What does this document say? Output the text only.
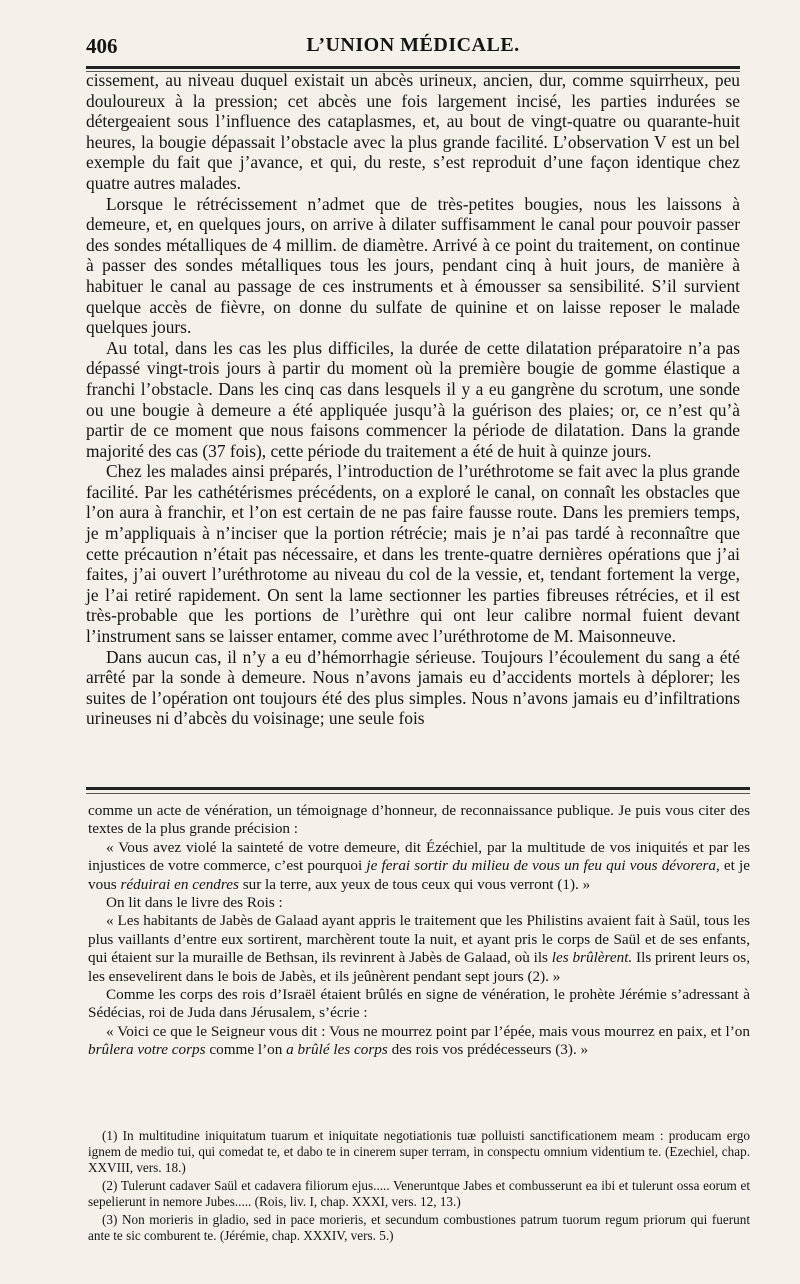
406	L’UNION MÉDICALE.

cissement, au niveau duquel existait un abcès urineux, ancien, dur, comme squirrheux, peu douloureux à la pression; cet abcès une fois largement incisé, les parties indurées se détergeaient sous l’influence des cataplasmes, et, au bout de vingt-quatre ou quarante-huit heures, la bougie dépassait l’obstacle avec la plus grande facilité. L’observation V est un bel exemple du fait que j’avance, et qui, du reste, s’est reproduit d’une façon identique chez quatre autres malades.

Lorsque le rétrécissement n’admet que de très-petites bougies, nous les laissons à demeure, et, en quelques jours, on arrive à dilater suffisamment le canal pour pouvoir passer des sondes métalliques de 4 millim. de diamètre. Arrivé à ce point du traitement, on continue à passer des sondes métalliques tous les jours, pendant cinq à huit jours, de manière à habituer le canal au passage de ces instruments et à émousser sa sensibilité. S’il survient quelque accès de fièvre, on donne du sulfate de quinine et on laisse reposer le malade quelques jours.

Au total, dans les cas les plus difficiles, la durée de cette dilatation préparatoire n’a pas dépassé vingt-trois jours à partir du moment où la première bougie de gomme élastique a franchi l’obstacle. Dans les cinq cas dans lesquels il y a eu gangrène du scrotum, une sonde ou une bougie à demeure a été appliquée jusqu’à la guérison des plaies; or, ce n’est qu’à partir de ce moment que nous faisons commencer la période de dilatation. Dans la grande majorité des cas (37 fois), cette période du traitement a été de huit à quinze jours.

Chez les malades ainsi préparés, l’introduction de l’uréthrotome se fait avec la plus grande facilité. Par les cathétérismes précédents, on a exploré le canal, on connaît les obstacles que l’on aura à franchir, et l’on est certain de ne pas faire fausse route. Dans les premiers temps, je m’appliquais à n’inciser que la portion rétrécie; mais je n’ai pas tardé à reconnaître que cette précaution n’était pas nécessaire, et dans les trente-quatre dernières opérations que j’ai faites, j’ai ouvert l’uréthrotome au niveau du col de la vessie, et, tendant fortement la verge, je l’ai retiré rapidement. On sent la lame sectionner les parties fibreuses rétrécies, et il est très-probable que les portions de l’urèthre qui ont leur calibre normal fuient devant l’instrument sans se laisser entamer, comme avec l’uréthrotome de M. Maisonneuve.

Dans aucun cas, il n’y a eu d’hémorrhagie sérieuse. Toujours l’écoulement du sang a été arrêté par la sonde à demeure. Nous n’avons jamais eu d’accidents mortels à déplorer; les suites de l’opération ont toujours été des plus simples. Nous n’avons jamais eu d’infiltrations urineuses ni d’abcès du voisinage; une seule fois

comme un acte de vénération, un témoignage d’honneur, de reconnaissance publique. Je puis vous citer des textes de la plus grande précision :

« Vous avez violé la sainteté de votre demeure, dit Ézéchiel, par la multitude de vos iniquités et par les injustices de votre commerce, c’est pourquoi je ferai sortir du milieu de vous un feu qui vous dévorera, et je vous réduirai en cendres sur la terre, aux yeux de tous ceux qui vous verront (1). »

On lit dans le livre des Rois :

« Les habitants de Jabès de Galaad ayant appris le traitement que les Philistins avaient fait à Saül, tous les plus vaillants d’entre eux sortirent, marchèrent toute la nuit, et ayant pris le corps de Saül et de ses enfants, qui étaient sur la muraille de Bethsan, ils revinrent à Jabès de Galaad, où ils les brûlèrent. Ils prirent leurs os, les ensevelirent dans le bois de Jabès, et ils jeûnèrent pendant sept jours (2). »

Comme les corps des rois d’Israël étaient brûlés en signe de vénération, le prohète Jérémie s’adressant à Sédécias, roi de Juda dans Jérusalem, s’écrie :

« Voici ce que le Seigneur vous dit : Vous ne mourrez point par l’épée, mais vous mourrez en paix, et l’on brûlera votre corps comme l’on a brûlé les corps des rois vos prédécesseurs (3). »

(1) In multitudine iniquitatum tuarum et iniquitate negotiationis tuæ polluisti sanctificationem meam : producam ergo ignem de medio tui, qui comedat te, et dabo te in cinerem super terram, in conspectu omnium videntium te. (Ezechiel, chap. XXVIII, vers. 18.)

(2) Tulerunt cadaver Saül et cadavera filiorum ejus..... Veneruntque Jabes et combusserunt ea ibi et tulerunt ossa eorum et sepelierunt in nemore Jubes..... (Rois, liv. I, chap. XXXI, vers. 12, 13.)

(3) Non morieris in gladio, sed in pace morieris, et secundum combustiones patrum tuorum regum priorum qui fuerunt ante te sic comburent te. (Jérémie, chap. XXXIV, vers. 5.)
